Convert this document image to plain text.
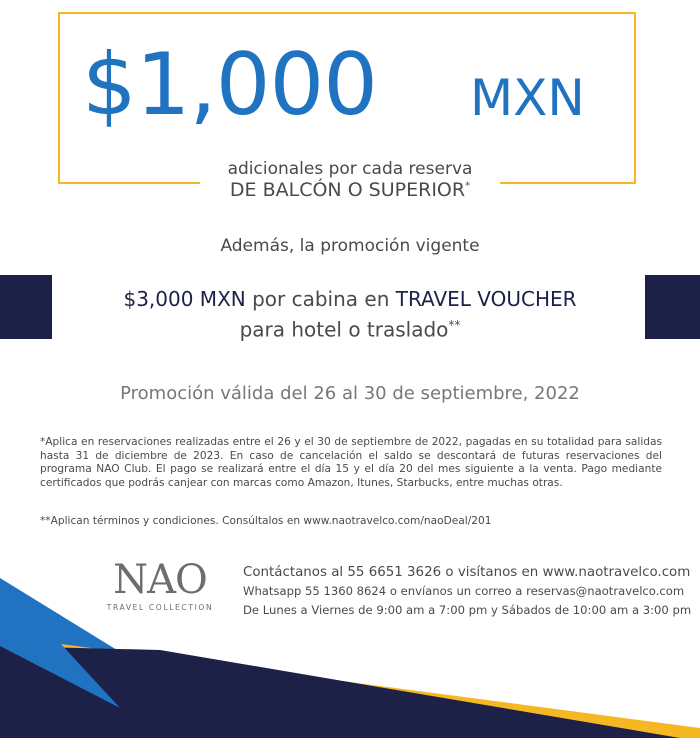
$1,000 MXN
adicionales por cada reserva
DE BALCÓN O SUPERIOR*
Además, la promoción vigente
$3,000 MXN por cabina en TRAVEL VOUCHER
para hotel o traslado**
Promoción válida del 26 al 30 de septiembre, 2022
*Aplica en reservaciones realizadas entre el 26 y el 30 de septiembre de 2022, pagadas en su totalidad para salidas hasta 31 de diciembre de 2023. En caso de cancelación el saldo se descontará de futuras reservaciones del programa NAO Club. El pago se realizará entre el día 15 y el día 20 del mes siguiente a la venta. Pago mediante certificados que podrás canjear con marcas como Amazon, Itunes, Starbucks, entre muchas otras.
**Aplican términos y condiciones. Consúltalos en www.naotravelco.com/naoDeal/201
NAO
TRAVEL COLLECTION
Contáctanos al 55 6651 3626 o visítanos en www.naotravelco.com
Whatsapp 55 1360 8624 o envíanos un correo a reservas@naotravelco.com
De Lunes a Viernes de 9:00 am a 7:00 pm y Sábados de 10:00 am a 3:00 pm
